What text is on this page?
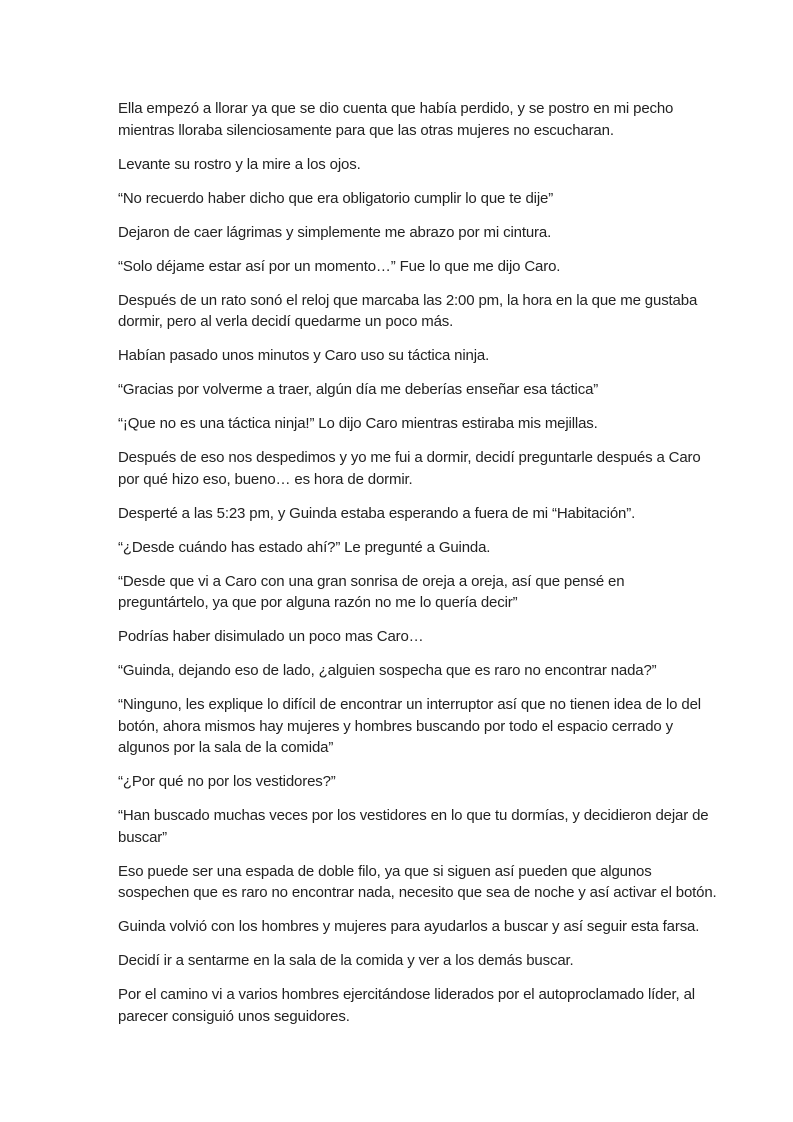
Ella empezó a llorar ya que se dio cuenta que había perdido, y se postro en mi pecho mientras lloraba silenciosamente para que las otras mujeres no escucharan.

Levante su rostro y la mire a los ojos.

“No recuerdo haber dicho que era obligatorio cumplir lo que te dije”

Dejaron de caer lágrimas y simplemente me abrazo por mi cintura.

“Solo déjame estar así por un momento…” Fue lo que me dijo Caro.

Después de un rato sonó el reloj que marcaba las 2:00 pm, la hora en la que me gustaba dormir, pero al verla decidí quedarme un poco más.

Habían pasado unos minutos y Caro uso su táctica ninja.

“Gracias por volverme a traer, algún día me deberías enseñar esa táctica”

“¡Que no es una táctica ninja!” Lo dijo Caro mientras estiraba mis mejillas.

Después de eso nos despedimos y yo me fui a dormir, decidí preguntarle después a Caro por qué hizo eso, bueno… es hora de dormir.

Desperté a las 5:23 pm, y Guinda estaba esperando a fuera de mi “Habitación”.

“¿Desde cuándo has estado ahí?” Le pregunté a Guinda.

“Desde que vi a Caro con una gran sonrisa de oreja a oreja, así que pensé en preguntártelo, ya que por alguna razón no me lo quería decir”

Podrías haber disimulado un poco mas Caro…

“Guinda, dejando eso de lado, ¿alguien sospecha que es raro no encontrar nada?”

“Ninguno, les explique lo difícil de encontrar un interruptor así que no tienen idea de lo del botón, ahora mismos hay mujeres y hombres buscando por todo el espacio cerrado y algunos por la sala de la comida”

“¿Por qué no por los vestidores?”

“Han buscado muchas veces por los vestidores en lo que tu dormías, y decidieron dejar de buscar”

Eso puede ser una espada de doble filo, ya que si siguen así pueden que algunos sospechen que es raro no encontrar nada, necesito que sea de noche y así activar el botón.

Guinda volvió con los hombres y mujeres para ayudarlos a buscar y así seguir esta farsa.

Decidí ir a sentarme en la sala de la comida y ver a los demás buscar.

Por el camino vi a varios hombres ejercitándose liderados por el autoproclamado líder, al parecer consiguió unos seguidores.
